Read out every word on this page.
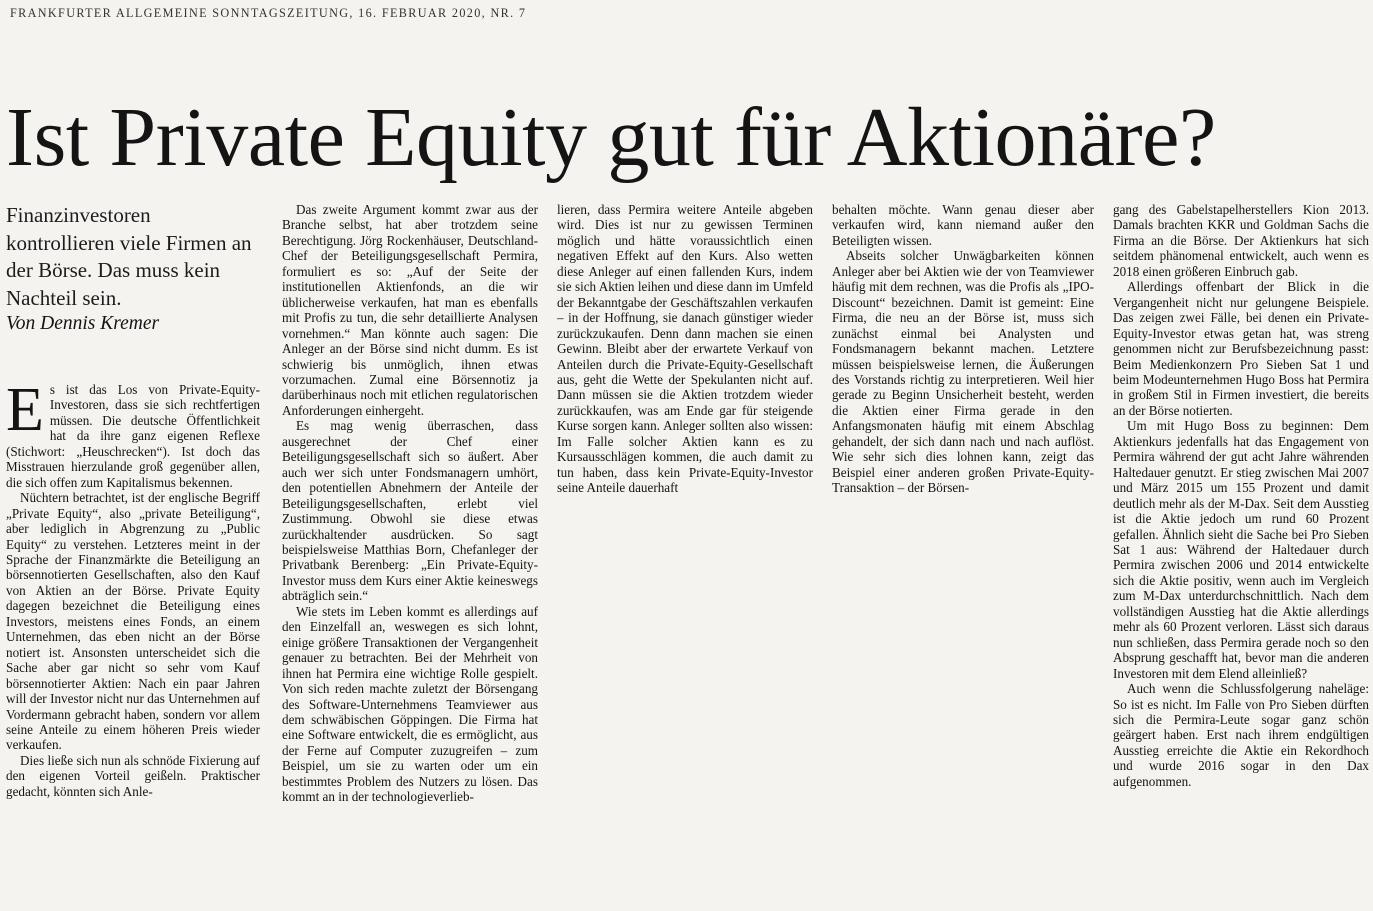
FRANKFURTER ALLGEMEINE SONNTAGSZEITUNG, 16. FEBRUAR 2020, NR. 7
Ist Private Equity gut für Aktionäre?

Finanzinvestoren kontrollieren viele Firmen an der Börse. Das muss kein Nachteil sein.

Von Dennis Kremer

Es ist das Los von Private-Equity-Investoren, dass sie sich rechtfertigen müssen. Die deutsche Öffentlichkeit hat da ihre ganz eigenen Reflexe (Stichwort: „Heuschrecken“). Ist doch das Misstrauen hierzulande groß gegenüber allen, die sich offen zum Kapitalismus bekennen.

Nüchtern betrachtet, ist der englische Begriff „Private Equity“, also „private Beteiligung“, aber lediglich in Abgrenzung zu „Public Equity“ zu verstehen. Letzteres meint in der Sprache der Finanzmärkte die Beteiligung an börsennotierten Gesellschaften, also den Kauf von Aktien an der Börse. Private Equity dagegen bezeichnet die Beteiligung eines Investors, meistens eines Fonds, an einem Unternehmen, das eben nicht an der Börse notiert ist. Ansonsten unterscheidet sich die Sache aber gar nicht so sehr vom Kauf börsennotierter Aktien: Nach ein paar Jahren will der Investor nicht nur das Unternehmen auf Vordermann gebracht haben, sondern vor allem seine Anteile zu einem höheren Preis wieder verkaufen.

Dies ließe sich nun als schnöde Fixierung auf den eigenen Vorteil geißeln. Praktischer gedacht, könnten sich Anle-

Das zweite Argument kommt zwar aus der Branche selbst, hat aber trotzdem seine Berechtigung. Jörg Rockenhäuser, Deutschland-Chef der Beteiligungsgesellschaft Permira, formuliert es so: „Auf der Seite der institutionellen Aktienfonds, an die wir üblicherweise verkaufen, hat man es ebenfalls mit Profis zu tun, die sehr detaillierte Analysen vornehmen.“ Man könnte auch sagen: Die Anleger an der Börse sind nicht dumm. Es ist schwierig bis unmöglich, ihnen etwas vorzumachen. Zumal eine Börsennotiz ja darüberhinaus noch mit etlichen regulatorischen Anforderungen einhergeht.

Es mag wenig überraschen, dass ausgerechnet der Chef einer Beteiligungsgesellschaft sich so äußert. Aber auch wer sich unter Fondsmanagern umhört, den potentiellen Abnehmern der Anteile der Beteiligungsgesellschaften, erlebt viel Zustimmung. Obwohl sie diese etwas zurückhaltender ausdrücken. So sagt beispielsweise Matthias Born, Chefanleger der Privatbank Berenberg: „Ein Private-Equity-Investor muss dem Kurs einer Aktie keineswegs abträglich sein.“

Wie stets im Leben kommt es allerdings auf den Einzelfall an, weswegen es sich lohnt, einige größere Transaktionen der Vergangenheit genauer zu betrachten. Bei der Mehrheit von ihnen hat Permira eine wichtige Rolle gespielt. Von sich reden machte zuletzt der Börsengang des Software-Unternehmens Teamviewer aus dem schwäbischen Göppingen. Die Firma hat eine Software entwickelt, die es ermöglicht, aus der Ferne auf Computer zuzugreifen – zum Beispiel, um sie zu warten oder um ein bestimmtes Problem des Nutzers zu lösen. Das kommt an in der technologieverlieb-

lieren, dass Permira weitere Anteile abgeben wird. Dies ist nur zu gewissen Terminen möglich und hätte voraussichtlich einen negativen Effekt auf den Kurs. Also wetten diese Anleger auf einen fallenden Kurs, indem sie sich Aktien leihen und diese dann im Umfeld der Bekanntgabe der Geschäftszahlen verkaufen – in der Hoffnung, sie danach günstiger wieder zurückzukaufen. Denn dann machen sie einen Gewinn. Bleibt aber der erwartete Verkauf von Anteilen durch die Private-Equity-Gesellschaft aus, geht die Wette der Spekulanten nicht auf. Dann müssen sie die Aktien trotzdem wieder zurückkaufen, was am Ende gar für steigende Kurse sorgen kann. Anleger sollten also wissen: Im Falle solcher Aktien kann es zu Kursausschlägen kommen, die auch damit zu tun haben, dass kein Private-Equity-Investor seine Anteile dauerhaft

behalten möchte. Wann genau dieser aber verkaufen wird, kann niemand außer den Beteiligten wissen.

Abseits solcher Unwägbarkeiten können Anleger aber bei Aktien wie der von Teamviewer häufig mit dem rechnen, was die Profis als „IPO-Discount“ bezeichnen. Damit ist gemeint: Eine Firma, die neu an der Börse ist, muss sich zunächst einmal bei Analysten und Fondsmanagern bekannt machen. Letztere müssen beispielsweise lernen, die Äußerungen des Vorstands richtig zu interpretieren. Weil hier gerade zu Beginn Unsicherheit besteht, werden die Aktien einer Firma gerade in den Anfangsmonaten häufig mit einem Abschlag gehandelt, der sich dann nach und nach auflöst. Wie sehr sich dies lohnen kann, zeigt das Beispiel einer anderen großen Private-Equity-Transaktion – der Börsen-

gang des Gabelstapelherstellers Kion 2013. Damals brachten KKR und Goldman Sachs die Firma an die Börse. Der Aktienkurs hat sich seitdem phänomenal entwickelt, auch wenn es 2018 einen größeren Einbruch gab.

Allerdings offenbart der Blick in die Vergangenheit nicht nur gelungene Beispiele. Das zeigen zwei Fälle, bei denen ein Private-Equity-Investor etwas getan hat, was streng genommen nicht zur Berufsbezeichnung passt: Beim Medienkonzern Pro Sieben Sat 1 und beim Modeunternehmen Hugo Boss hat Permira in großem Stil in Firmen investiert, die bereits an der Börse notierten.

Um mit Hugo Boss zu beginnen: Dem Aktienkurs jedenfalls hat das Engagement von Permira während der gut acht Jahre währenden Haltedauer genutzt. Er stieg zwischen Mai 2007 und März 2015 um 155 Prozent und damit deutlich mehr als der M-Dax. Seit dem Ausstieg ist die Aktie jedoch um rund 60 Prozent gefallen. Ähnlich sieht die Sache bei Pro Sieben Sat 1 aus: Während der Haltedauer durch Permira zwischen 2006 und 2014 entwickelte sich die Aktie positiv, wenn auch im Vergleich zum M-Dax unterdurchschnittlich. Nach dem vollständigen Ausstieg hat die Aktie allerdings mehr als 60 Prozent verloren. Lässt sich daraus nun schließen, dass Permira gerade noch so den Absprung geschafft hat, bevor man die anderen Investoren mit dem Elend alleinließ?

Auch wenn die Schlussfolgerung naheläge: So ist es nicht. Im Falle von Pro Sieben dürften sich die Permira-Leute sogar ganz schön geärgert haben. Erst nach ihrem endgültigen Ausstieg erreichte die Aktie ein Rekordhoch und wurde 2016 sogar in den Dax aufgenommen.
